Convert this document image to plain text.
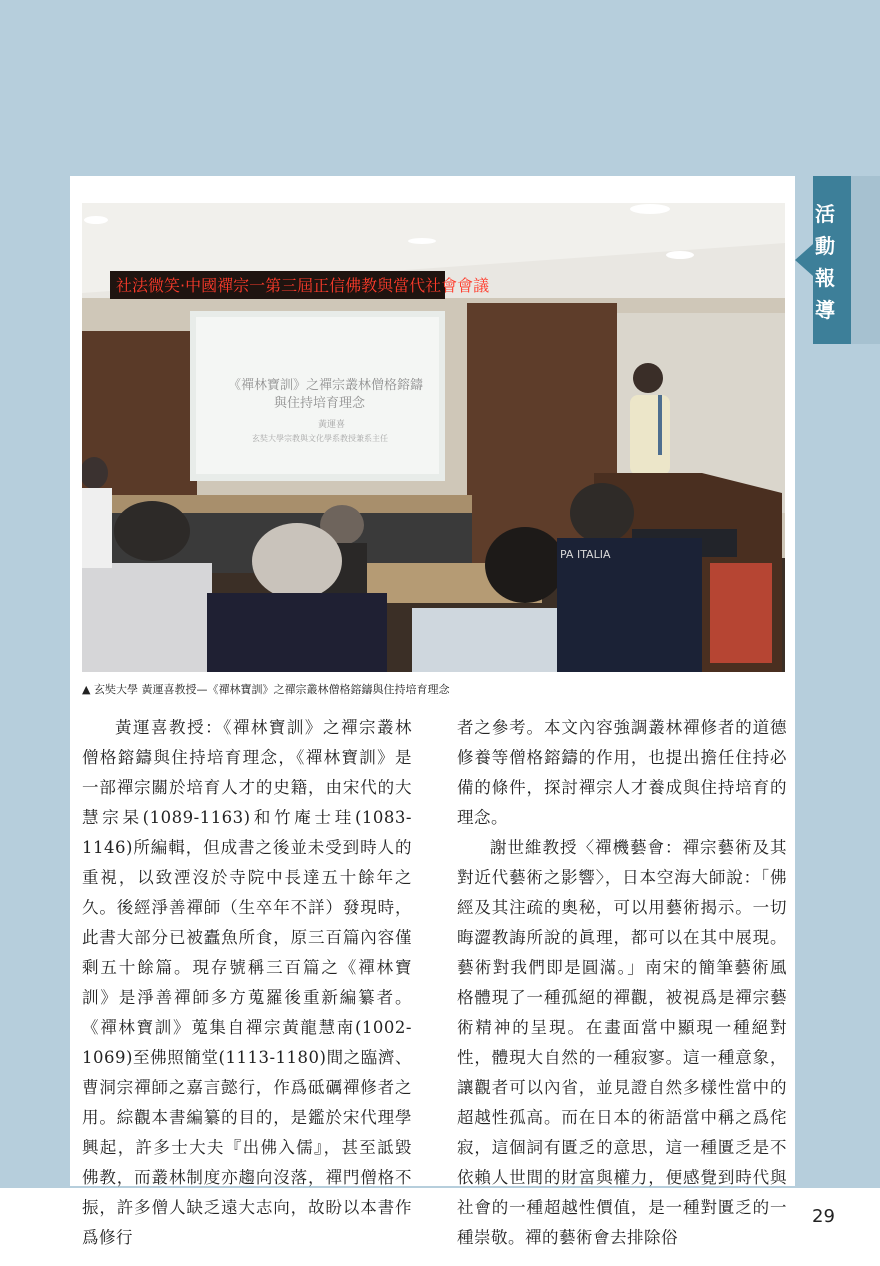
活動報導
社法微笑·中國禪宗一第三屆正信佛教與當代社會會議
《禪林寶訓》之禪宗叢林僧格鎔鑄
與住持培育理念
黃運喜
玄奘大學宗教與文化學系教授兼系主任
PA ITALIA
▲ 玄奘大學 黃運喜教授—《禪林寶訓》之禪宗叢林僧格鎔鑄與住持培育理念

黃運喜教授：《禪林寶訓》之禪宗叢林僧格鎔鑄與住持培育理念，《禪林寶訓》是一部禪宗關於培育人才的史籍，由宋代的大慧宗杲(1089-1163)和竹庵士珪(1083-1146)所編輯，但成書之後並未受到時人的重視，以致湮沒於寺院中長達五十餘年之久。後經淨善禪師（生卒年不詳）發現時，此書大部分已被蠹魚所食，原三百篇內容僅剩五十餘篇。現存號稱三百篇之《禪林寶訓》是淨善禪師多方蒐羅後重新編纂者。《禪林寶訓》蒐集自禪宗黃龍慧南(1002-1069)至佛照簡堂(1113-1180)間之臨濟、曹洞宗禪師之嘉言懿行，作爲砥礪禪修者之用。綜觀本書編纂的目的，是鑑於宋代理學興起，許多士大夫『出佛入儒』，甚至詆毀佛教，而叢林制度亦趨向沒落，禪門僧格不振，許多僧人缺乏遠大志向，故盼以本書作爲修行

者之參考。本文內容強調叢林禪修者的道德修養等僧格鎔鑄的作用，也提出擔任住持必備的條件，探討禪宗人才養成與住持培育的理念。

謝世維教授〈禪機藝會：禪宗藝術及其對近代藝術之影響〉，日本空海大師說：「佛經及其注疏的奧秘，可以用藝術揭示。一切晦澀教誨所說的眞理，都可以在其中展現。藝術對我們即是圓滿。」南宋的簡筆藝術風格體現了一種孤絕的禪觀，被視爲是禪宗藝術精神的呈現。在畫面當中顯現一種絕對性，體現大自然的一種寂寥。這一種意象，讓觀者可以內省，並見證自然多樣性當中的超越性孤高。而在日本的術語當中稱之爲侘寂，這個詞有匱乏的意思，這一種匱乏是不依賴人世間的財富與權力，便感覺到時代與社會的一種超越性價值，是一種對匱乏的一種崇敬。禪的藝術會去排除俗

29
